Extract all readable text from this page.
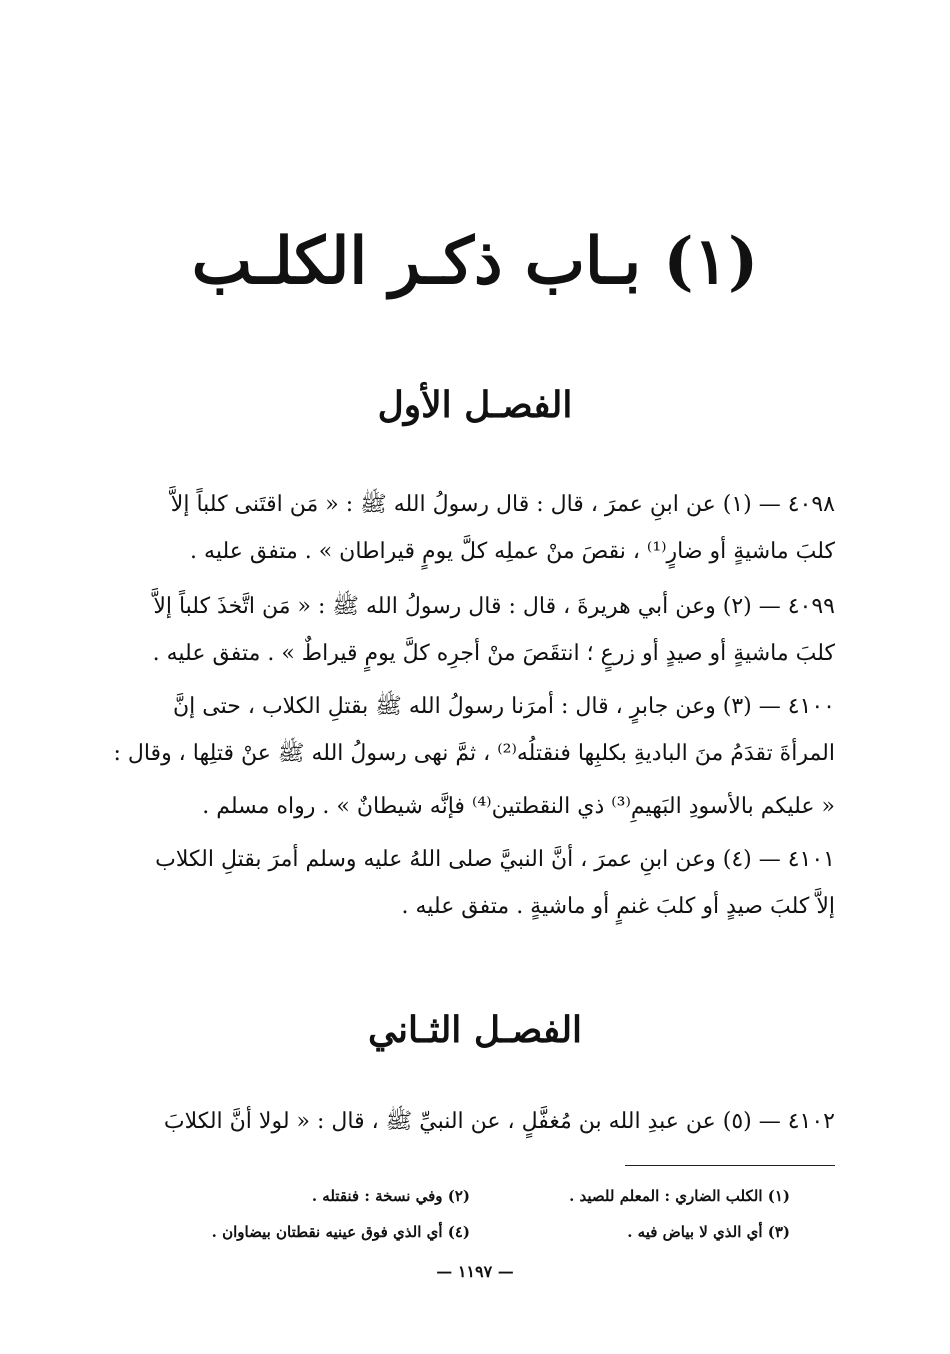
(١) بـاب ذكـر الكلـب
الفصـل الأول
٤٠٩٨ — (١) عن ابنِ عمرَ ، قال : قال رسولُ الله ﷺ : « مَن اقتَنى كلباً إلاَّ
كلبَ ماشيةٍ أو ضارٍ⁽¹⁾ ، نقصَ منْ عملِه كلَّ يومٍ قيراطان » . متفق عليه .
٤٠٩٩ — (٢) وعن أبي هريرةَ ، قال : قال رسولُ الله ﷺ : « مَن اتَّخذَ كلباً إلاَّ
كلبَ ماشيةٍ أو صيدٍ أو زرعٍ ؛ انتقَصَ منْ أجرِه كلَّ يومٍ قيراطٌ » . متفق عليه .
٤١٠٠ — (٣) وعن جابرٍ ، قال : أمرَنا رسولُ الله ﷺ بقتلِ الكلاب ، حتى إنَّ
المرأةَ تقدَمُ منَ الباديةِ بكلبِها فنقتلُه⁽²⁾ ، ثمَّ نهى رسولُ الله ﷺ عنْ قتلِها ، وقال :
« عليكم بالأسودِ البَهيمِ⁽³⁾ ذي النقطتين⁽⁴⁾ فإنَّه شيطانٌ » . رواه مسلم .
٤١٠١ — (٤) وعن ابنِ عمرَ ، أنَّ النبيَّ صلى اللهُ عليه وسلم أمرَ بقتلِ الكلاب
إلاَّ كلبَ صيدٍ أو كلبَ غنمٍ أو ماشيةٍ . متفق عليه .
الفصـل الثـاني
٤١٠٢ — (٥) عن عبدِ الله بن مُغفَّلٍ ، عن النبيِّ ﷺ ، قال : « لولا أنَّ الكلابَ
(١) الكلب الضاري : المعلم للصيد .
(٢) وفي نسخة : فنقتله .
(٣) أي الذي لا بياض فيه .
(٤) أي الذي فوق عينيه نقطتان بيضاوان .
— ١١٩٧ —
